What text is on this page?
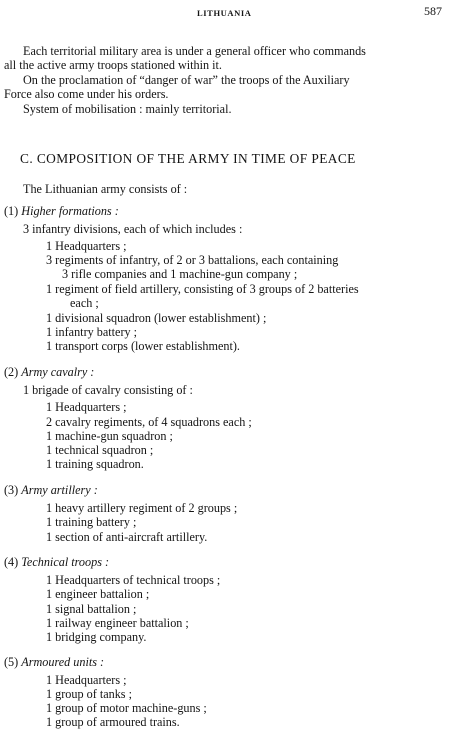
LITHUANIA	587
Each territorial military area is under a general officer who commands
all the active army troops stationed within it.
On the proclamation of “danger of war” the troops of the Auxiliary
Force also come under his orders.
System of mobilisation : mainly territorial.
C. COMPOSITION OF THE ARMY IN TIME OF PEACE
The Lithuanian army consists of :
(1) Higher formations :
3 infantry divisions, each of which includes :
1 Headquarters ;
3 regiments of infantry, of 2 or 3 battalions, each containing
3 rifle companies and 1 machine-gun company ;
1 regiment of field artillery, consisting of 3 groups of 2 batteries
each ;
1 divisional squadron (lower establishment) ;
1 infantry battery ;
1 transport corps (lower establishment).
(2) Army cavalry :
1 brigade of cavalry consisting of :
1 Headquarters ;
2 cavalry regiments, of 4 squadrons each ;
1 machine-gun squadron ;
1 technical squadron ;
1 training squadron.
(3) Army artillery :
1 heavy artillery regiment of 2 groups ;
1 training battery ;
1 section of anti-aircraft artillery.
(4) Technical troops :
1 Headquarters of technical troops ;
1 engineer battalion ;
1 signal battalion ;
1 railway engineer battalion ;
1 bridging company.
(5) Armoured units :
1 Headquarters ;
1 group of tanks ;
1 group of motor machine-guns ;
1 group of armoured trains.
